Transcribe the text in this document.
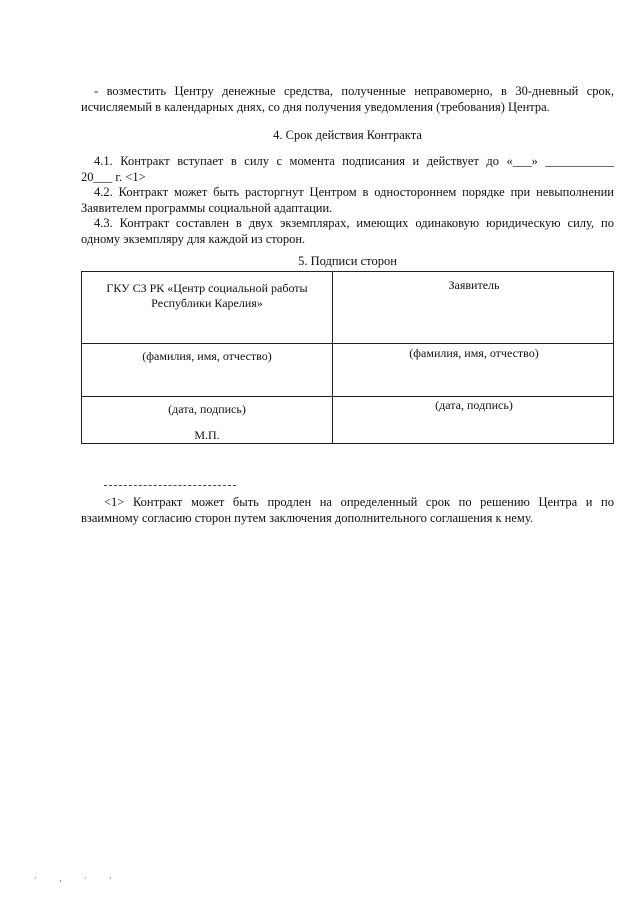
- возместить Центру денежные средства, полученные неправомерно, в 30-дневный срок,
исчисляемый в календарных днях, со дня получения уведомления (требования) Центра.
4. Срок действия Контракта
4.1. Контракт вступает в силу с момента подписания и действует до «___» ___________
20___ г. <1>
4.2. Контракт может быть расторгнут Центром в одностороннем порядке при невыполнении
Заявителем программы социальной адаптации.
4.3. Контракт составлен в двух экземплярах, имеющих одинаковую юридическую силу, по
одному экземпляру для каждой из сторон.
5. Подписи сторон
ГКУ СЗ РК «Центр социальной работы
Республики Карелия»
Заявитель
(фамилия, имя, отчество)	(фамилия, имя, отчество)
(дата, подпись)	(дата, подпись)
М.П.
<1> Контракт может быть продлен на определенный срок по решению Центра и по
взаимному согласию сторон путем заключения дополнительного соглашения к нему.
· , · ·
